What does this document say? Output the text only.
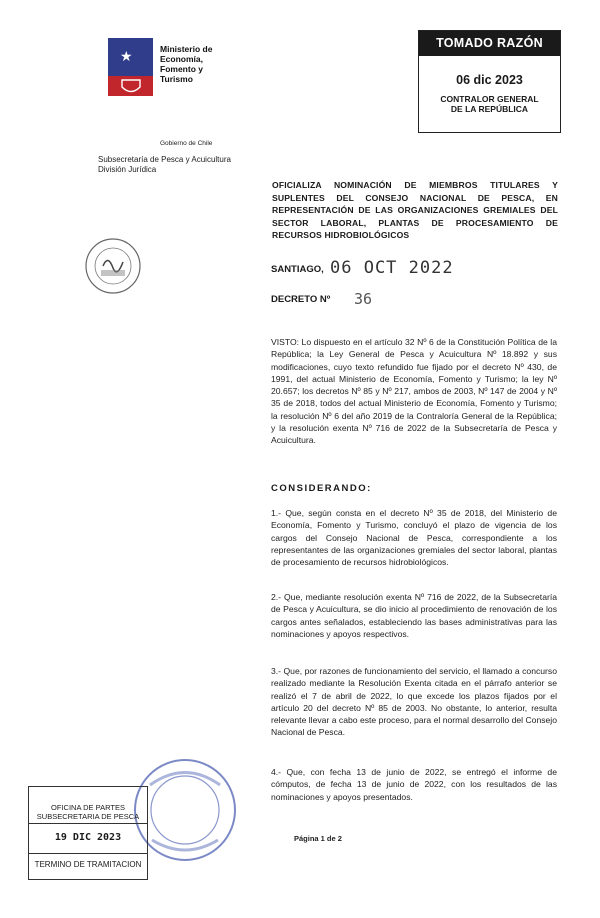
★	Ministerio de
Economía,
Fomento y
Turismo
Gobierno de Chile
Subsecretaría de Pesca y Acuicultura
División Jurídica
TOMADO RAZÓN
06 dic 2023
CONTRALOR GENERAL
DE LA REPÚBLICA
OFICIALIZA NOMINACIÓN DE MIEMBROS TITULARES Y SUPLENTES DEL CONSEJO NACIONAL DE PESCA, EN REPRESENTACIÓN DE LAS ORGANIZACIONES GREMIALES DEL SECTOR LABORAL, PLANTAS DE PROCESAMIENTO DE RECURSOS HIDROBIOLÓGICOS
SANTIAGO, 06 OCT 2022
DECRETO Nº 36
VISTO: Lo dispuesto en el artículo 32 Nº 6 de la Constitución Política de la República; la Ley General de Pesca y Acuicultura Nº 18.892 y sus modificaciones, cuyo texto refundido fue fijado por el decreto Nº 430, de 1991, del actual Ministerio de Economía, Fomento y Turismo; la ley Nº 20.657; los decretos Nº 85 y Nº 217, ambos de 2003, Nº 147 de 2004 y Nº 35 de 2018, todos del actual Ministerio de Economía, Fomento y Turismo; la resolución Nº 6 del año 2019 de la Contraloría General de la República; y la resolución exenta Nº 716 de 2022 de la Subsecretaría de Pesca y Acuicultura.
CONSIDERANDO:
1.- Que, según consta en el decreto Nº 35 de 2018, del Ministerio de Economía, Fomento y Turismo, concluyó el plazo de vigencia de los cargos del Consejo Nacional de Pesca, correspondiente a los representantes de las organizaciones gremiales del sector laboral, plantas de procesamiento de recursos hidrobiológicos.
2.- Que, mediante resolución exenta Nº 716 de 2022, de la Subsecretaría de Pesca y Acuicultura, se dio inicio al procedimiento de renovación de los cargos antes señalados, estableciendo las bases administrativas para las nominaciones y apoyos respectivos.
3.- Que, por razones de funcionamiento del servicio, el llamado a concurso realizado mediante la Resolución Exenta citada en el párrafo anterior se realizó el 7 de abril de 2022, lo que excede los plazos fijados por el artículo 20 del decreto Nº 85 de 2003. No obstante, lo anterior, resulta relevante llevar a cabo este proceso, para el normal desarrollo del Consejo Nacional de Pesca.
4.- Que, con fecha 13 de junio de 2022, se entregó el informe de cómputos, de fecha 13 de junio de 2022, con los resultados de las nominaciones y apoyos presentados.
OFICINA DE PARTES
SUBSECRETARIA DE PESCA
19 DIC 2023
TERMINO DE TRAMITACION
Página 1 de 2
